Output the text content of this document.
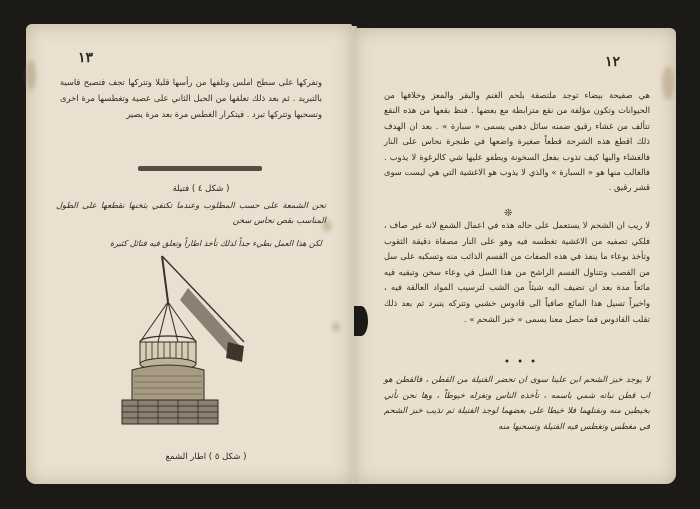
١٣

وتفركها على سطح املس وتلفها من رأسها قليلا وتتركها تجف فتصبح قاسية بالتبريد . ثم بعد ذلك تعلقها من الحبل الثاني على عصية وتغطسها مرة اخرى وتسحبها وتتركها تبرد . فيتكرار الغطس مرة بعد مرة يصير

( شكل ٤ ) فتيلة

تحن الشمعة على حسب المطلوب وعندما تكتفي بثخنها تقطعها على الطول المناسب بقص نحاس سخن

لكن هذا العمل بطيء جداً لذلك تأخذ اطاراً وتعلق فيه فتائل كثيرة

( شكل ٥ ) اطار الشمع
١٢

هي صفيحة بيضاء توجد ملتصقة بلحم الغنم والبقر والمعز وخلافها من الحيوانات وتكون مؤلفة من نقع مترابطة مع بعضها . فنظ بقعها من هذه النقع تتألف من غشاء رقيق ضمنه سائل دهني يسمى « سبارة » . بعد ان الهدف ذلك اقطع هذه الشرحة قطعاً صغيرة واضعها في طنجرة نحاس على النار فالغشاء والبها كيف تذوب بفعل السخونة ويطفو عليها شي كالرغوة لا يذوب . فالغالب منها هو « السبارة » والذي لا يذوب هو الاغشية التي هي ليست سوى قشر رقيق .

❊

لا ريب ان الشحم لا يستعمل على حاله هذه في اعمال الشمع لانه غير صاف ، فلكي تصفيه من الاغشية تغطسه فيه وهو على النار مصفاة دقيقة الثقوب وتأخذ بوعاء ما ينفذ في هذه الصفات من القسم الذائب منه وتسكبه على سل من القصب وتتناول القسم الراشح من هذا السل في وعاء سخن وتبقيه فيه مائعاً مدة بعد ان تضيف اليه شيئاً من الشب لترسيب المواد العالقة فيه ، واخيراً تسيل هذا المائع صافياً الى قادوس خشبي وتتركه يتبرد ثم بعد ذلك تقلب القادوس فما حصل معنا يسمى « خبز الشحم » .

• • •

لا يوجد خبز الشحم ابن علينا سوى ان تحضر الفتيلة من القطن ، فالقطن هو اب قطن نباته شمي باسمه ، تأخذه الناس وتغزله خيوطاً ، وها نحن نأتي بخيطين منه ونفتلهما فلا خيطا على بعضهما لوجد الفتيلة ثم تذيب خبز الشحم في مغطس وتغطس فيه الفتيلة وتسحبها منه
